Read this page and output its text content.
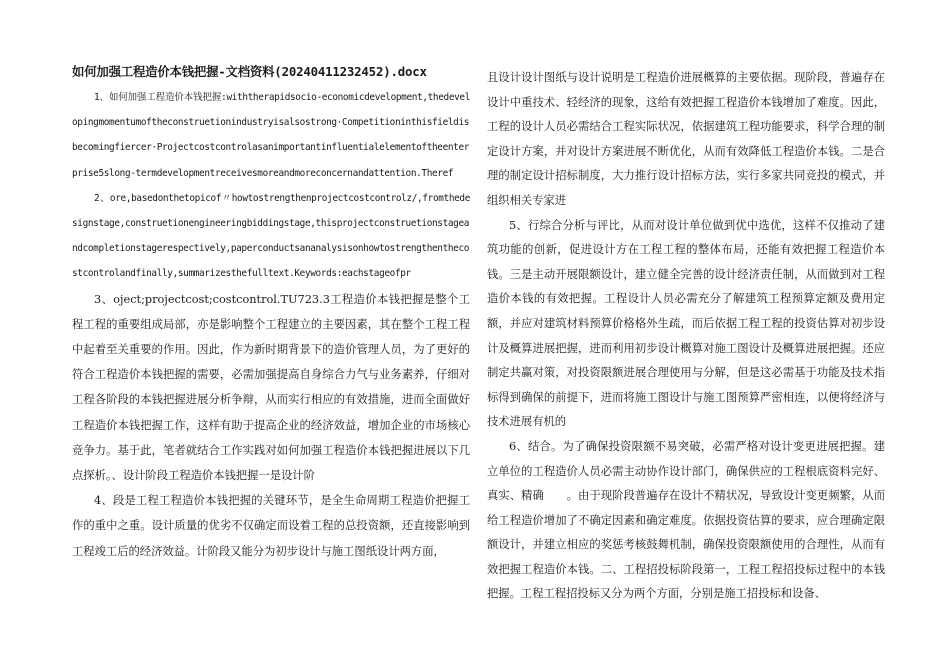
如何加强工程造价本钱把握-文档资料(20240411232452).docx

1、如何加强工程造价本钱把握:withtherapidsocio-economicdevelopment,thedevelopingmomentumoftheconstruetionindustryisalsostrong·Competitioninthisfieldisbecomingfiercer·Projectcostcontrolasanimportantinfluentialelementoftheenterprise5slong-termdevelopmentreceivesmoreandmoreconcernandattention.Theref

2、ore,basedonthetopicof〃howtostrengthenprojectcostcontrolz/,fromthedesignstage,construetionengineeringbiddingstage,thisprojectconstruetionstageandcompletionstagerespectively,paperconductsananalysisonhowtostrengthenthecostcontrolandfinally,summarizesthefulltext.Keywords:eachstageofpr

3、oject;projectcost;costcontrol.TU723.3工程造价本钱把握是整个工程工程的重要组成局部，亦是影响整个工程建立的主要因素，其在整个工程工程中起着至关重要的作用。因此，作为新时期背景下的造价管理人员，为了更好的符合工程造价本钱把握的需要，必需加强提高自身综合力气与业务素养，仔细对工程各阶段的本钱把握进展分析争辩，从而实行相应的有效措施，进而全面做好工程造价本钱把握工作，这样有助于提高企业的经济效益，增加企业的市场核心竞争力。基于此，笔者就结合工作实践对如何加强工程造价本钱把握进展以下几点探析。、设计阶段工程造价本钱把握一是设计阶

4、段是工程工程造价本钱把握的关键环节，是全生命周期工程造价把握工作的重中之重。设计质量的优劣不仅确定而设着工程的总投资额，还直接影响到工程竣工后的经济效益。计阶段又能分为初步设计与施工图纸设计两方面，

且设计设计图纸与设计说明是工程造价进展概算的主要依据。现阶段，普遍存在设计中重技术、轻经济的现象，这给有效把握工程造价本钱增加了难度。因此，工程的设计人员必需结合工程实际状况，依据建筑工程功能要求，科学合理的制定设计方案，并对设计方案进展不断优化，从而有效降低工程造价本钱。二是合理的制定设计招标制度，大力推行设计招标方法，实行多家共同竞投的模式，并组织相关专家进

5、行综合分析与评比，从而对设计单位做到优中选优，这样不仅推动了建筑功能的创新，促进设计方在工程工程的整体布局，还能有效把握工程造价本钱。三是主动开展限额设计，建立健全完善的设计经济责任制，从而做到对工程造价本钱的有效把握。工程设计人员必需充分了解建筑工程预算定额及费用定额，并应对建筑材料预算价格格外生疏，而后依据工程工程的投资估算对初步设计及概算进展把握，进而利用初步设计概算对施工图设计及概算进展把握。还应制定共赢对策，对投资限额进展合理使用与分解，但是这必需基于功能及技术指标得到确保的前提下，进而将施工图设计与施工图预算严密相连，以便将经济与技术进展有机的

6、结合。为了确保投资限额不易突破，必需严格对设计变更进展把握。建立单位的工程造价人员必需主动协作设计部门，确保供应的工程根底资料完好、真实、精确　　。由于现阶段普遍存在设计不精状况，导致设计变更频繁，从而给工程造价增加了不确定因素和确定难度。依据投资估算的要求，应合理确定限额设计，并建立相应的奖惩考核鼓舞机制，确保投资限额使用的合理性，从而有效把握工程造价本钱。二、工程招投标阶段第一，工程工程招投标过程中的本钱把握。工程工程招投标又分为两个方面，分别是施工招投标和设备、
